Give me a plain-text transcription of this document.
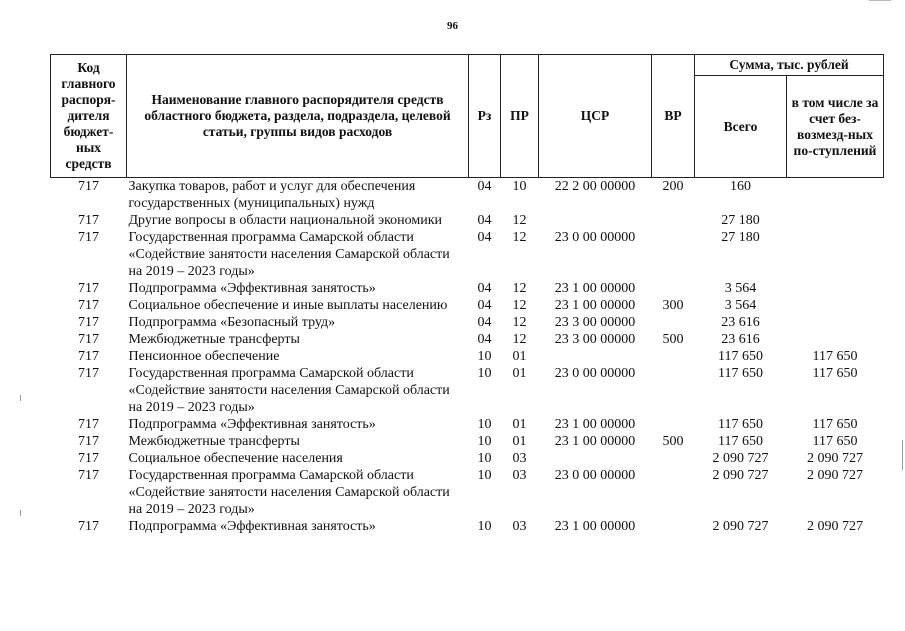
96
Код главного распоря-дителя бюджет-ных средств	Наименование главного распорядителя средств областного бюджета, раздела, подраздела, целевой статьи, группы видов расходов	Рз	ПР	ЦСР	ВР	Сумма, тыс. рублей	
						Всего	в том числе за счет без-возмезд-ных по-ступлений
717	Закупка товаров, работ и услуг для обеспечения государственных (муниципальных) нужд	04	10	22 2 00 00000	200	160	
717	Другие вопросы в области национальной экономики	04	12			27 180	
717	Государственная программа Самарской области «Содействие занятости населения Самарской области на 2019 – 2023 годы»	04	12	23 0 00 00000		27 180	
717	Подпрограмма «Эффективная занятость»	04	12	23 1 00 00000		3 564	
717	Социальное обеспечение и иные выплаты населению	04	12	23 1 00 00000	300	3 564	
717	Подпрограмма «Безопасный труд»	04	12	23 3 00 00000		23 616	
717	Межбюджетные трансферты	04	12	23 3 00 00000	500	23 616	
717	Пенсионное обеспечение	10	01			117 650	117 650
717	Государственная программа Самарской области «Содействие занятости населения Самарской области на 2019 – 2023 годы»	10	01	23 0 00 00000		117 650	117 650
717	Подпрограмма «Эффективная занятость»	10	01	23 1 00 00000		117 650	117 650
717	Межбюджетные трансферты	10	01	23 1 00 00000	500	117 650	117 650
717	Социальное обеспечение населения	10	03			2 090 727	2 090 727
717	Государственная программа Самарской области «Содействие занятости населения Самарской области на 2019 – 2023 годы»	10	03	23 0 00 00000		2 090 727	2 090 727
717	Подпрограмма «Эффективная занятость»	10	03	23 1 00 00000		2 090 727	2 090 727
